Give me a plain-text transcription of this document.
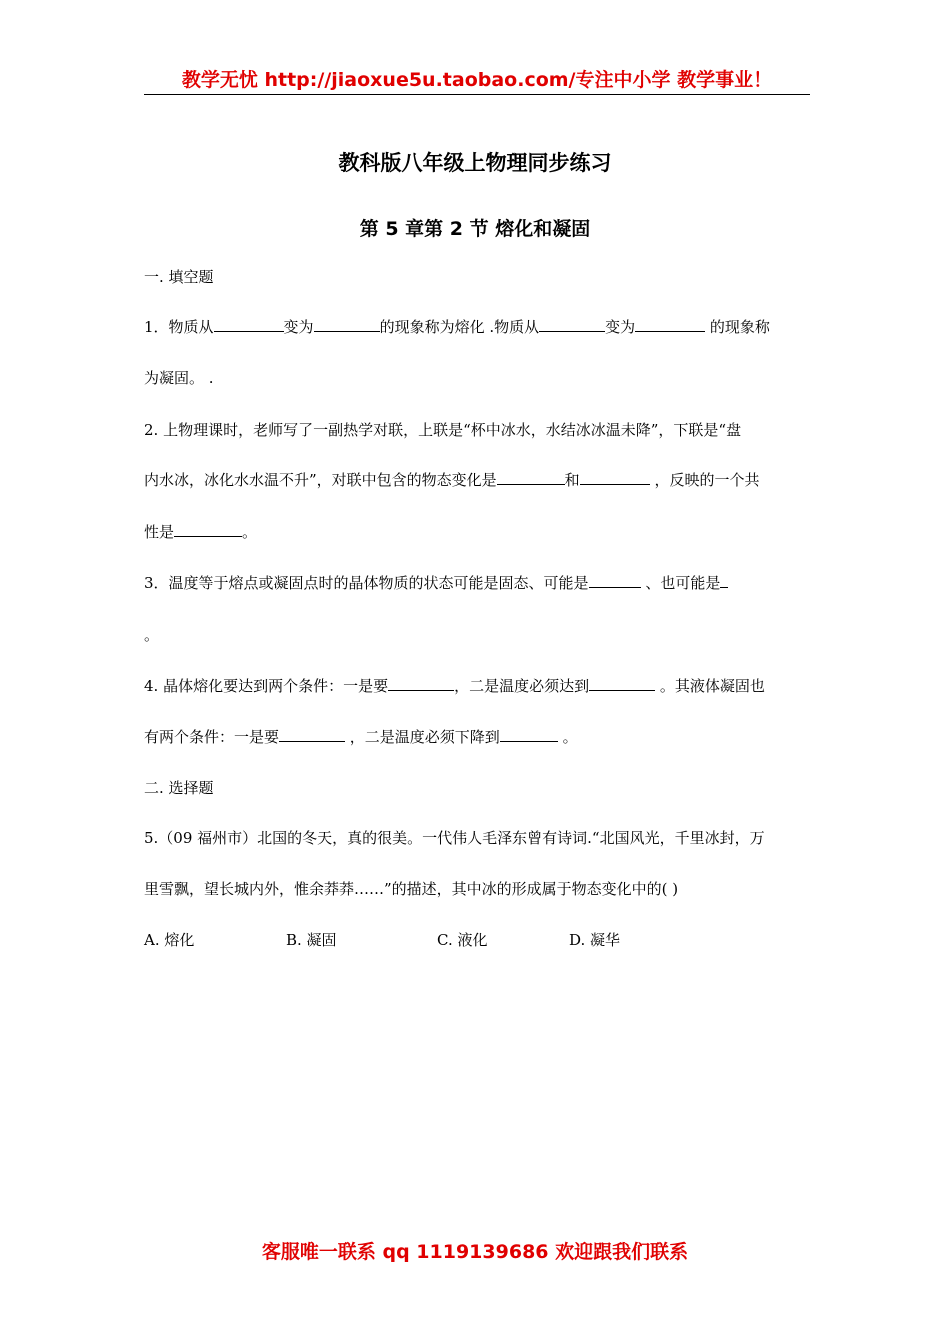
教学无忧 http://jiaoxue5u.taobao.com/专注中小学 教学事业！
教科版八年级上物理同步练习
第 5 章第 2 节 熔化和凝固
一. 填空题
1．物质从	变为	的现象称为熔化 .物质从	变为	的现象称
为凝固。 .
2. 上物理课时，老师写了一副热学对联，上联是“杯中冰水，水结冰冰温未降”，下联是“盘
内水冰，冰化水水温不升”，对联中包含的物态变化是	和	，反映的一个共
性是	。
3．温度等于熔点或凝固点时的晶体物质的状态可能是固态、可能是	、也可能是
。
4. 晶体熔化要达到两个条件：一是要	，二是温度必须达到	。其液体凝固也
有两个条件：一是要	，二是温度必须下降到	。
二. 选择题
5.（09 福州市）北国的冬天，真的很美。一代伟人毛泽东曾有诗词.“北国风光，千里冰封，万
里雪飘，望长城内外，惟余莽莽……”的描述，其中冰的形成属于物态变化中的( )
A. 熔化	B. 凝固	C. 液化	D. 凝华
客服唯一联系 qq 1119139686 欢迎跟我们联系
